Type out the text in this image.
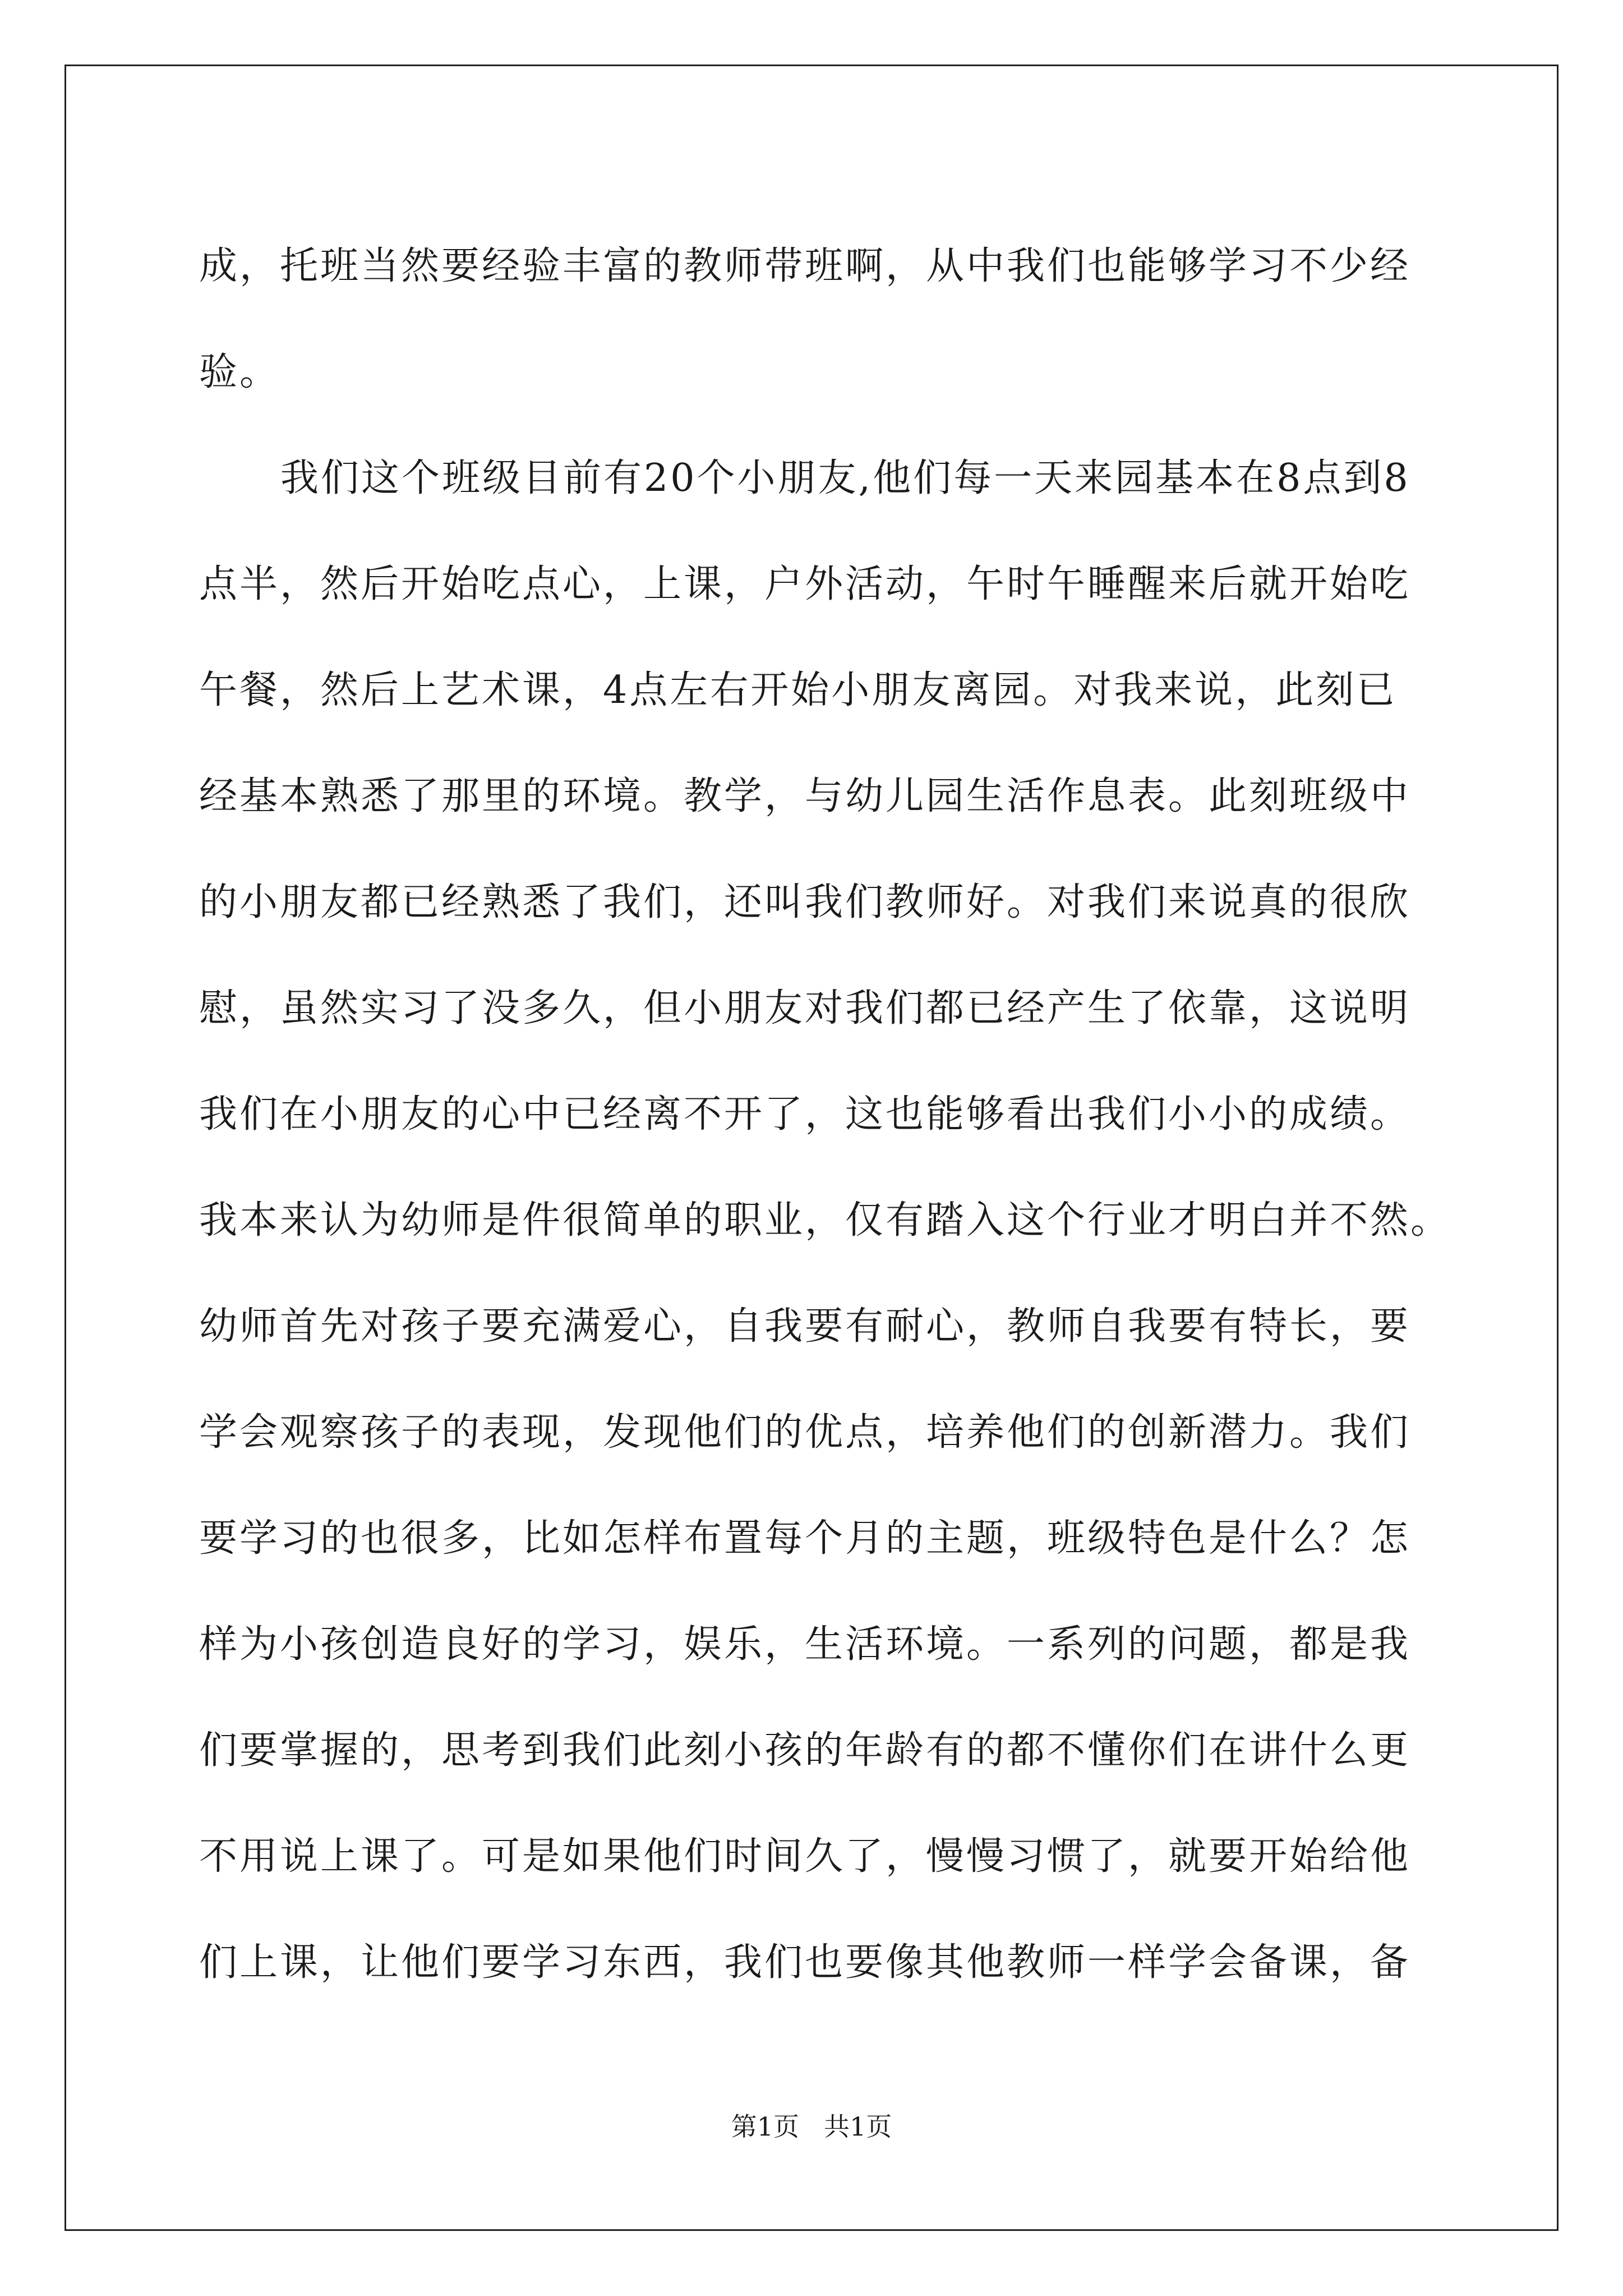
成，托班当然要经验丰富的教师带班啊，从中我们也能够学习不少经
验。
我们这个班级目前有20个小朋友,他们每一天来园基本在8点到8
点半，然后开始吃点心，上课，户外活动，午时午睡醒来后就开始吃
午餐，然后上艺术课，4点左右开始小朋友离园。对我来说，此刻已
经基本熟悉了那里的环境。教学，与幼儿园生活作息表。此刻班级中
的小朋友都已经熟悉了我们，还叫我们教师好。对我们来说真的很欣
慰，虽然实习了没多久，但小朋友对我们都已经产生了依靠，这说明
我们在小朋友的心中已经离不开了，这也能够看出我们小小的成绩。
我本来认为幼师是件很简单的职业，仅有踏入这个行业才明白并不然。
幼师首先对孩子要充满爱心，自我要有耐心，教师自我要有特长，要
学会观察孩子的表现，发现他们的优点，培养他们的创新潜力。我们
要学习的也很多，比如怎样布置每个月的主题，班级特色是什么？怎
样为小孩创造良好的学习，娱乐，生活环境。一系列的问题，都是我
们要掌握的，思考到我们此刻小孩的年龄有的都不懂你们在讲什么更
不用说上课了。可是如果他们时间久了，慢慢习惯了，就要开始给他
们上课，让他们要学习东西，我们也要像其他教师一样学会备课，备
第1页 共1页
